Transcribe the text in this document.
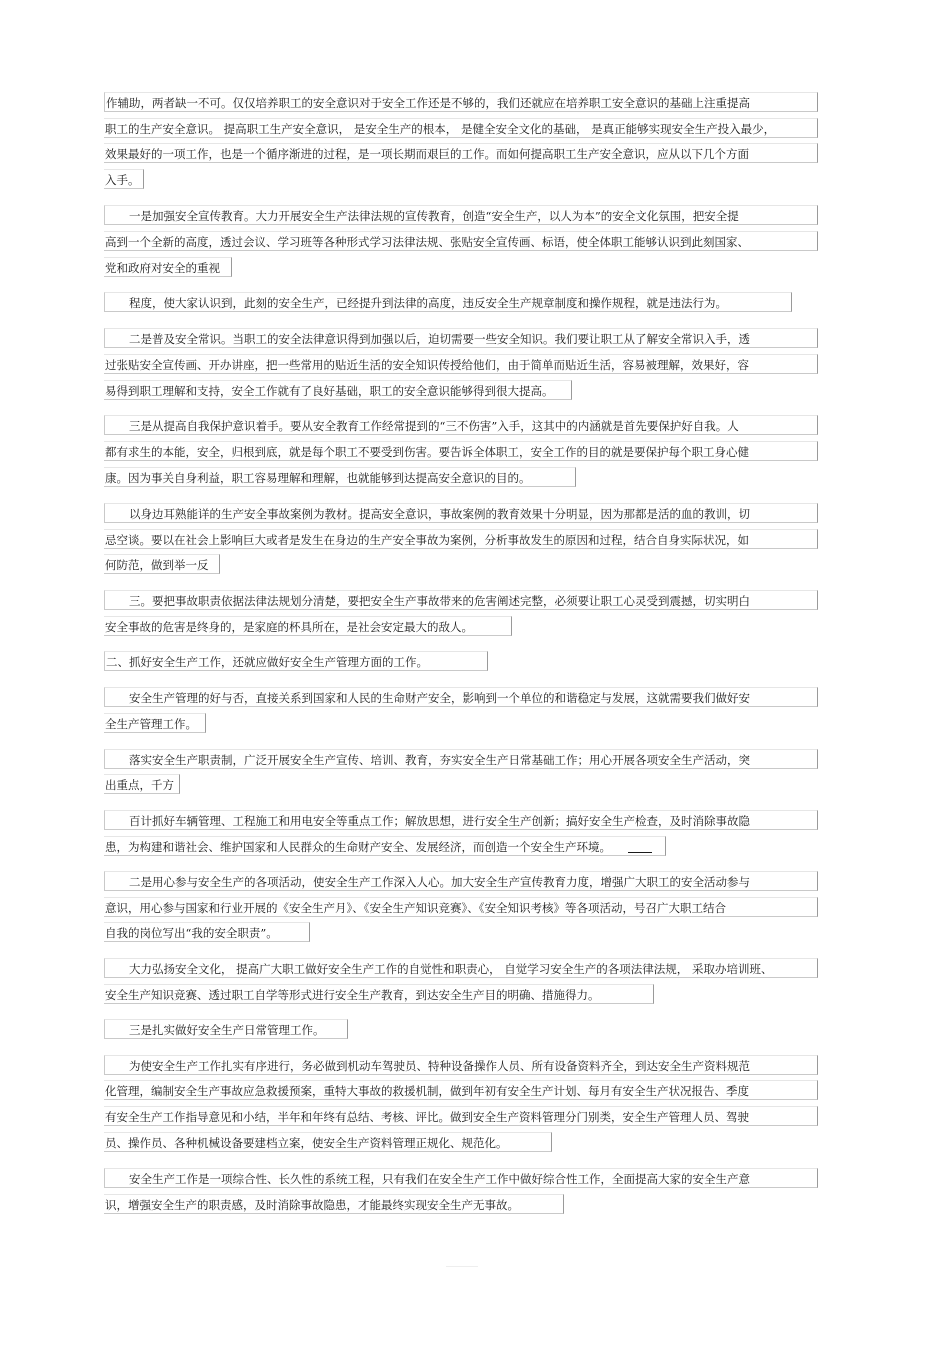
作辅助，两者缺一不可。仅仅培养职工的安全意识对于安全工作还是不够的，我们还就应在培养职工安全意识的基础上注重提高
职工的生产安全意识。 提高职工生产安全意识， 是安全生产的根本， 是健全安全文化的基础， 是真正能够实现安全生产投入最少，
效果最好的一项工作，也是一个循序渐进的过程，是一项长期而艰巨的工作。而如何提高职工生产安全意识，应从以下几个方面
入手。
一是加强安全宣传教育。大力开展安全生产法律法规的宣传教育，创造“安全生产，以人为本”的安全文化氛围，把安全提
高到一个全新的高度，透过会议、学习班等各种形式学习法律法规、张贴安全宣传画、标语，使全体职工能够认识到此刻国家、
党和政府对安全的重视
程度，使大家认识到，此刻的安全生产，已经提升到法律的高度，违反安全生产规章制度和操作规程，就是违法行为。
二是普及安全常识。当职工的安全法律意识得到加强以后，迫切需要一些安全知识。我们要让职工从了解安全常识入手，透
过张贴安全宣传画、开办讲座，把一些常用的贴近生活的安全知识传授给他们，由于简单而贴近生活，容易被理解，效果好，容
易得到职工理解和支持，安全工作就有了良好基础，职工的安全意识能够得到很大提高。
三是从提高自我保护意识着手。要从安全教育工作经常提到的“三不伤害”入手，这其中的内涵就是首先要保护好自我。人
都有求生的本能，安全，归根到底，就是每个职工不要受到伤害。要告诉全体职工，安全工作的目的就是要保护每个职工身心健
康。因为事关自身利益，职工容易理解和理解，也就能够到达提高安全意识的目的。
以身边耳熟能详的生产安全事故案例为教材。提高安全意识，事故案例的教育效果十分明显，因为那都是活的血的教训，切
忌空谈。要以在社会上影响巨大或者是发生在身边的生产安全事故为案例，分析事故发生的原因和过程，结合自身实际状况，如
何防范，做到举一反
三。要把事故职责依据法律法规划分清楚，要把安全生产事故带来的危害阐述完整，必须要让职工心灵受到震撼，切实明白
安全事故的危害是终身的，是家庭的杯具所在，是社会安定最大的敌人。
二、抓好安全生产工作，还就应做好安全生产管理方面的工作。
安全生产管理的好与否，直接关系到国家和人民的生命财产安全，影响到一个单位的和谐稳定与发展，这就需要我们做好安
全生产管理工作。
落实安全生产职责制，广泛开展安全生产宣传、培训、教育，夯实安全生产日常基础工作；用心开展各项安全生产活动，突
出重点，千方
百计抓好车辆管理、工程施工和用电安全等重点工作；解放思想，进行安全生产创新；搞好安全生产检查，及时消除事故隐
患，为构建和谐社会、维护国家和人民群众的生命财产安全、发展经济，而创造一个安全生产环境。
二是用心参与安全生产的各项活动，使安全生产工作深入人心。加大安全生产宣传教育力度，增强广大职工的安全活动参与
意识，用心参与国家和行业开展的《安全生产月》、《安全生产知识竞赛》、《安全知识考核》等各项活动，号召广大职工结合
自我的岗位写出“我的安全职责”。
大力弘扬安全文化， 提高广大职工做好安全生产工作的自觉性和职责心， 自觉学习安全生产的各项法律法规， 采取办培训班、
安全生产知识竞赛、透过职工自学等形式进行安全生产教育，到达安全生产目的明确、措施得力。
三是扎实做好安全生产日常管理工作。
为使安全生产工作扎实有序进行，务必做到机动车驾驶员、特种设备操作人员、所有设备资料齐全，到达安全生产资料规范
化管理，编制安全生产事故应急救援预案，重特大事故的救援机制，做到年初有安全生产计划、每月有安全生产状况报告、季度
有安全生产工作指导意见和小结，半年和年终有总结、考核、评比。做到安全生产资料管理分门别类，安全生产管理人员、驾驶
员、操作员、各种机械设备要建档立案，使安全生产资料管理正规化、规范化。
安全生产工作是一项综合性、长久性的系统工程，只有我们在安全生产工作中做好综合性工作，全面提高大家的安全生产意
识，增强安全生产的职责感，及时消除事故隐患，才能最终实现安全生产无事故。
